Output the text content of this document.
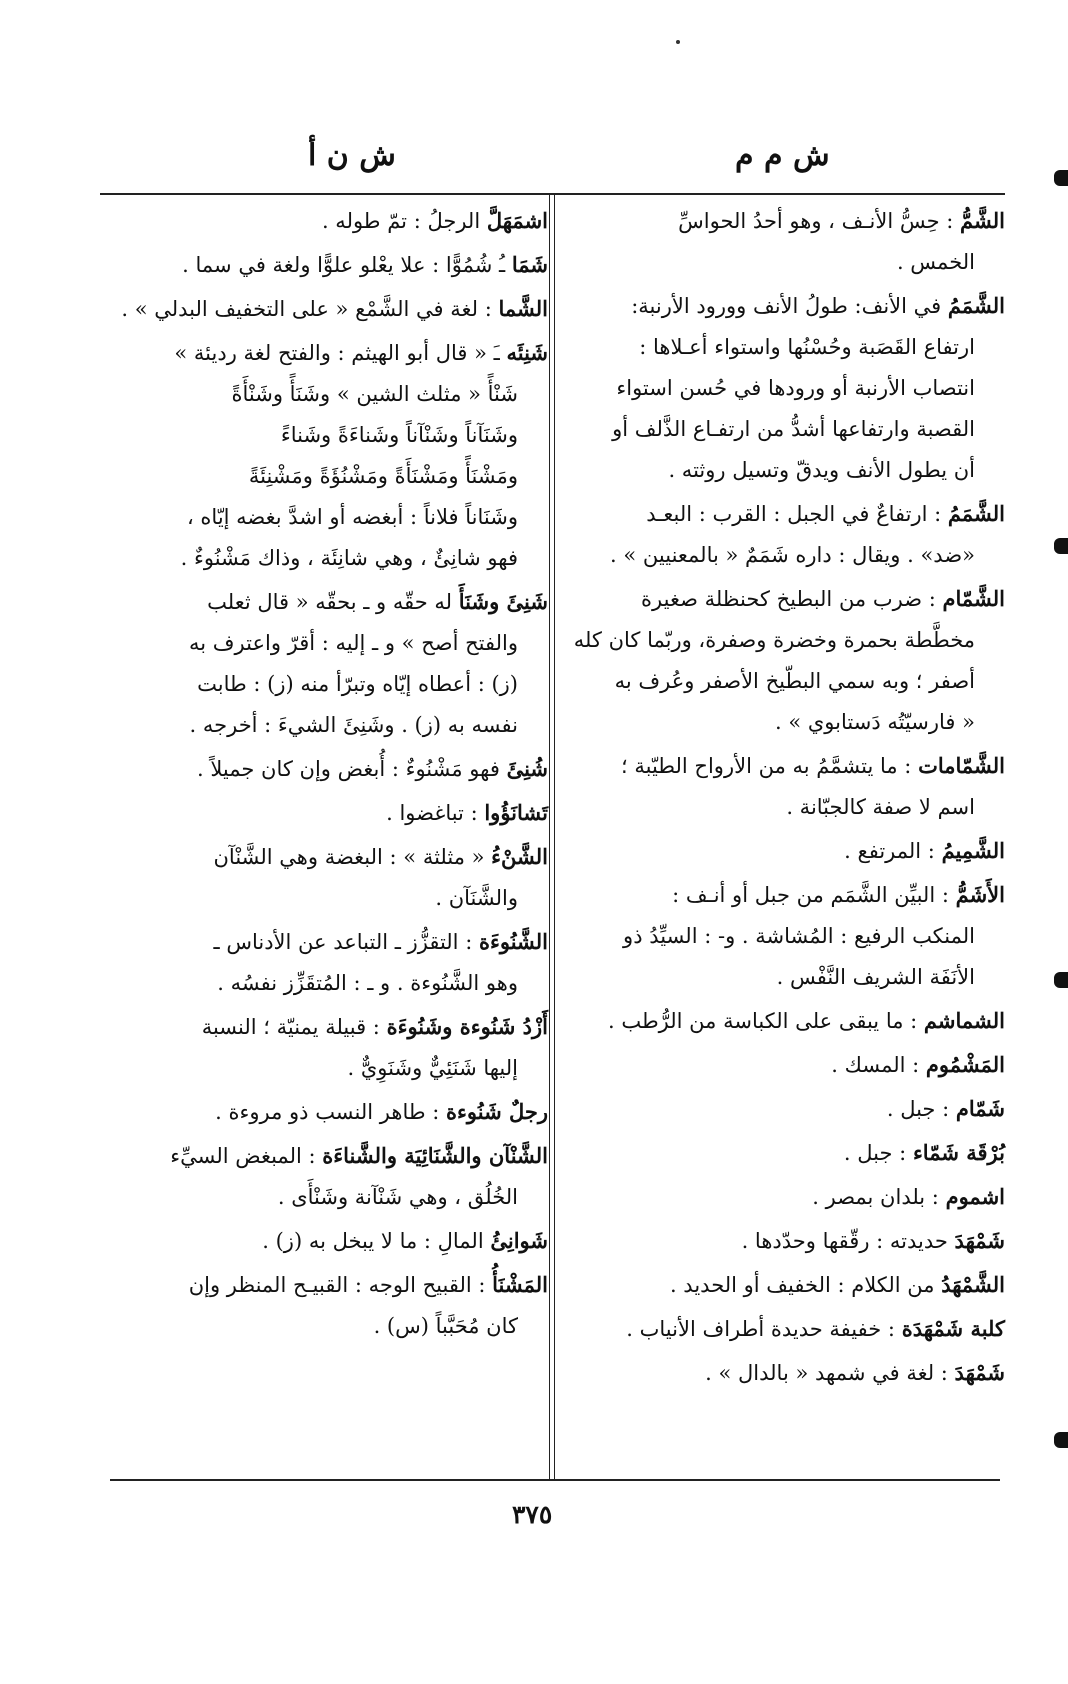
ش ن أ	ش م م
الشَّمُّ : حِسُّ الأنـف ، وهو أحدُ الحواسِّ
الخمس .
الشَّمَمُ في الأنف: طولُ الأنف وورود الأرنبة:
ارتفاع القَصَبة وحُسْنُها واستواء أعـلاها :
انتصاب الأرنبة أو ورودها في حُسن استواء
القصبة وارتفاعها أشدُّ من ارتفـاع الذَّلف أو
أن يطول الأنف ويدقّ وتسيل روثته .
الشَّمَمُ : ارتفاعٌ في الجبل : القرب : البعـد
«ضد» . ويقال : داره شَمَمٌ « بالمعنيين » .
الشَّمّام : ضرب من البطيخ كحنظلة صغيرة
مخطَّطة بحمرة وخضرة وصفرة، وربّما كان كله
أصفر ؛ وبه سمي البطّيخ الأصفر وعُرف به
« فارسيّتُه دَستابوي » .
الشَّمّامات : ما يتشمَّمُ به من الأرواح الطيّبة ؛
اسم لا صفة كالجبّانة .
الشَّمِيمُ : المرتفع .
الأَشَمُّ : البيِّن الشَّمَم من جبل أو أنـف :
المنكب الرفيع : المُشاشة . و- : السيِّدُ ذو
الأنَفَة الشريف النَّفْس .
الشماشم : ما يبقى على الكباسة من الرُّطب .
المَشْمُوم : المسك .
شَمّام : جبل .
بُرْقَة شَمّاء : جبل .
اشموم : بلدان بمصر .
شَمْهَدَ حديدته : رقّقها وحدّدها .
الشَّمْهَدُ من الكلام : الخفيف أو الحديد .
كلبة شَمْهَدَة : خفيفة حديدة أطراف الأنياب .
شَمْهَدَ : لغة في شمهد « بالدال » .
اشمَهَلَّ الرجلُ : تمّ طوله .
شَمَا ـُ شُمُوًّا : علا يعْلو علوًّا ولغة في سما .
الشَّما : لغة في الشَّمْع « على التخفيف البدلي » .
شَنِئَه ـَ « قال أبو الهيثم : والفتح لغة رديئة »
شَنْأً « مثلث الشين » وشَنَأً وشَنْأَةً
وشَنَآناً وشَنْآناً وشَناءَةً وشَناءً
ومَشْنَأً ومَشْنَأَةً ومَشْنُؤَةً ومَشْنِئَةً
وشَنَاناً فلاناً : أبغضه أو اشدَّ بغضه إيّاه ،
فهو شانِئٌ ، وهي شانِئَة ، وذاك مَشْنُوءٌ .
شَنِئَ وشَنَأَ له حقّه و ـ بحقّه « قال ثعلب
والفتح أصح » و ـ إليه : أقرّ واعترف به
(ز) : أعطاه إيّاه وتبرّأ منه (ز) : طابت
نفسه به (ز) . وشَنِئَ الشيءَ : أخرجه .
شُنِئَ فهو مَشْنُوءٌ : أُبغض وإن كان جميلاً .
تَشانَؤُوا : تباغضوا .
الشَّنْءُ « مثلثة » : البغضة وهي الشَّنْآن
والشَّنَآن .
الشَّنُوءَة : التقزُّز ـ التباعد عن الأدناس ـ
وهو الشَّنُوءة . و ـ : المُتقَزِّز نفسُه .
أَزْدُ شَنُوءة وشَنُوءَة : قبيلة يمنيّة ؛ النسبة
إليها شَنَئِيٌّ وشَنَوِيٌّ .
رجلٌ شَنُوءة : طاهر النسب ذو مروءة .
الشَّنْآن والشَّنَائِيَة والشَّناءَة : المبغض السيِّء
الخُلُق ، وهي شَنْآنة وشَنْأَى .
شَوانِئُ المالِ : ما لا يبخل به (ز) .
المَشْنَأُ : القبيح الوجه : القبيـح المنظر وإن
كان مُحَبَّباً (س) .
٣٧٥
